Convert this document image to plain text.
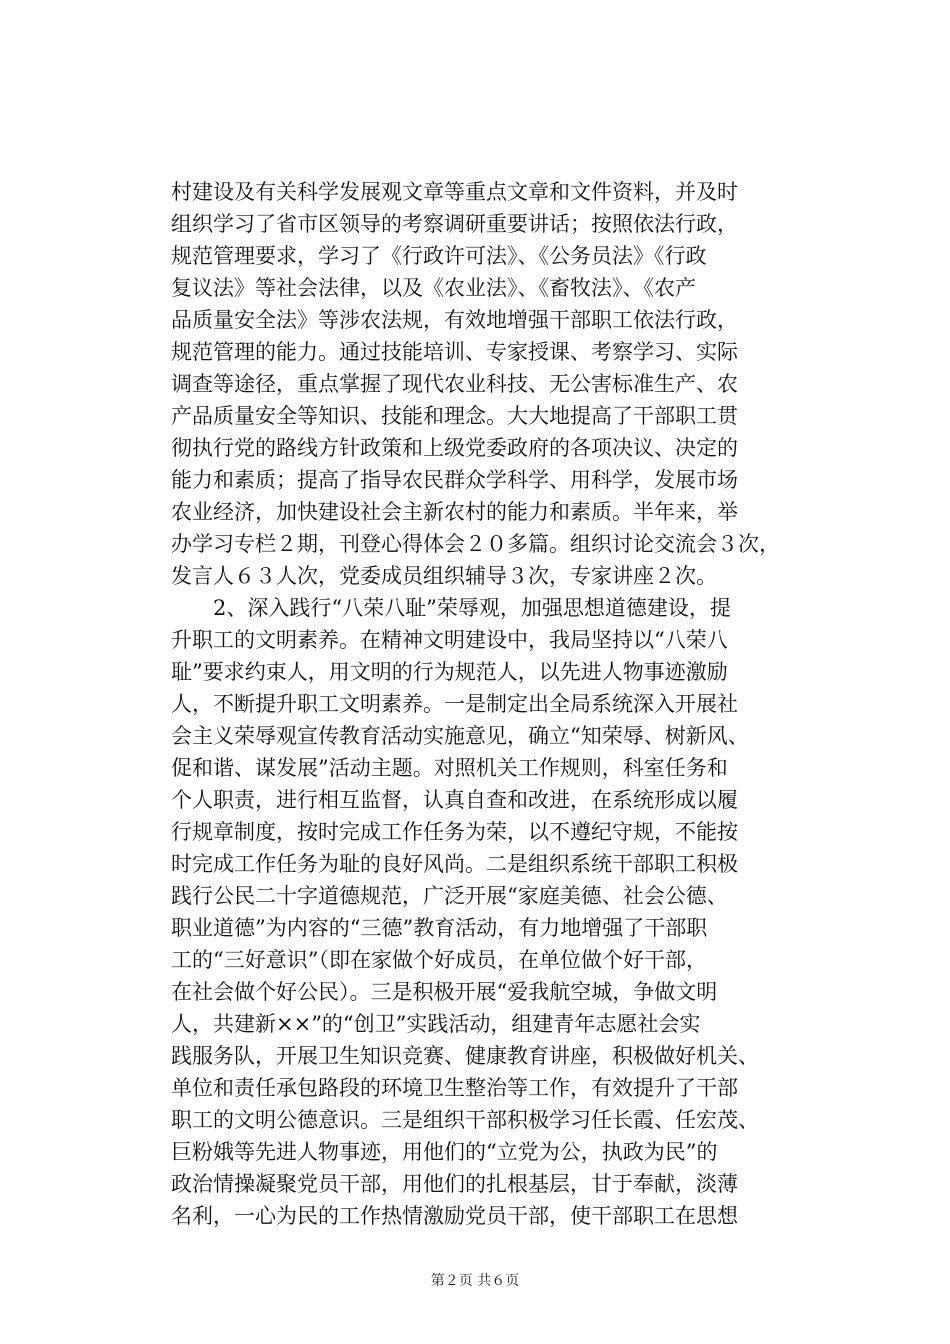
村建设及有关科学发展观文章等重点文章和文件资料，并及时
组织学习了省市区领导的考察调研重要讲话；按照依法行政，
规范管理要求，学习了《行政许可法》、《公务员法》《行政
复议法》等社会法律，以及《农业法》、《畜牧法》、《农产
品质量安全法》等涉农法规，有效地增强干部职工依法行政，
规范管理的能力。通过技能培训、专家授课、考察学习、实际
调查等途径，重点掌握了现代农业科技、无公害标准生产、农
产品质量安全等知识、技能和理念。大大地提高了干部职工贯
彻执行党的路线方针政策和上级党委政府的各项决议、决定的
能力和素质；提高了指导农民群众学科学、用科学，发展市场
农业经济，加快建设社会主新农村的能力和素质。半年来，举
办学习专栏２期，刊登心得体会２０多篇。组织讨论交流会３次，
发言人６３人次，党委成员组织辅导３次，专家讲座２次。
2、深入践行“八荣八耻”荣辱观，加强思想道德建设，提
升职工的文明素养。在精神文明建设中，我局坚持以“八荣八
耻”要求约束人，用文明的行为规范人，以先进人物事迹激励
人，不断提升职工文明素养。一是制定出全局系统深入开展社
会主义荣辱观宣传教育活动实施意见，确立“知荣辱、树新风、
促和谐、谋发展”活动主题。对照机关工作规则，科室任务和
个人职责，进行相互监督，认真自查和改进，在系统形成以履
行规章制度，按时完成工作任务为荣，以不遵纪守规，不能按
时完成工作任务为耻的良好风尚。二是组织系统干部职工积极
践行公民二十字道德规范，广泛开展“家庭美德、社会公德、
职业道德”为内容的“三德”教育活动，有力地增强了干部职
工的“三好意识”（即在家做个好成员，在单位做个好干部，
在社会做个好公民）。三是积极开展“爱我航空城，争做文明
人，共建新××”的“创卫”实践活动，组建青年志愿社会实
践服务队，开展卫生知识竞赛、健康教育讲座，积极做好机关、
单位和责任承包路段的环境卫生整治等工作，有效提升了干部
职工的文明公德意识。三是组织干部积极学习任长霞、任宏茂、
巨粉娥等先进人物事迹，用他们的“立党为公，执政为民”的
政治情操凝聚党员干部，用他们的扎根基层，甘于奉献，淡薄
名利，一心为民的工作热情激励党员干部，使干部职工在思想
第２页 共６页
